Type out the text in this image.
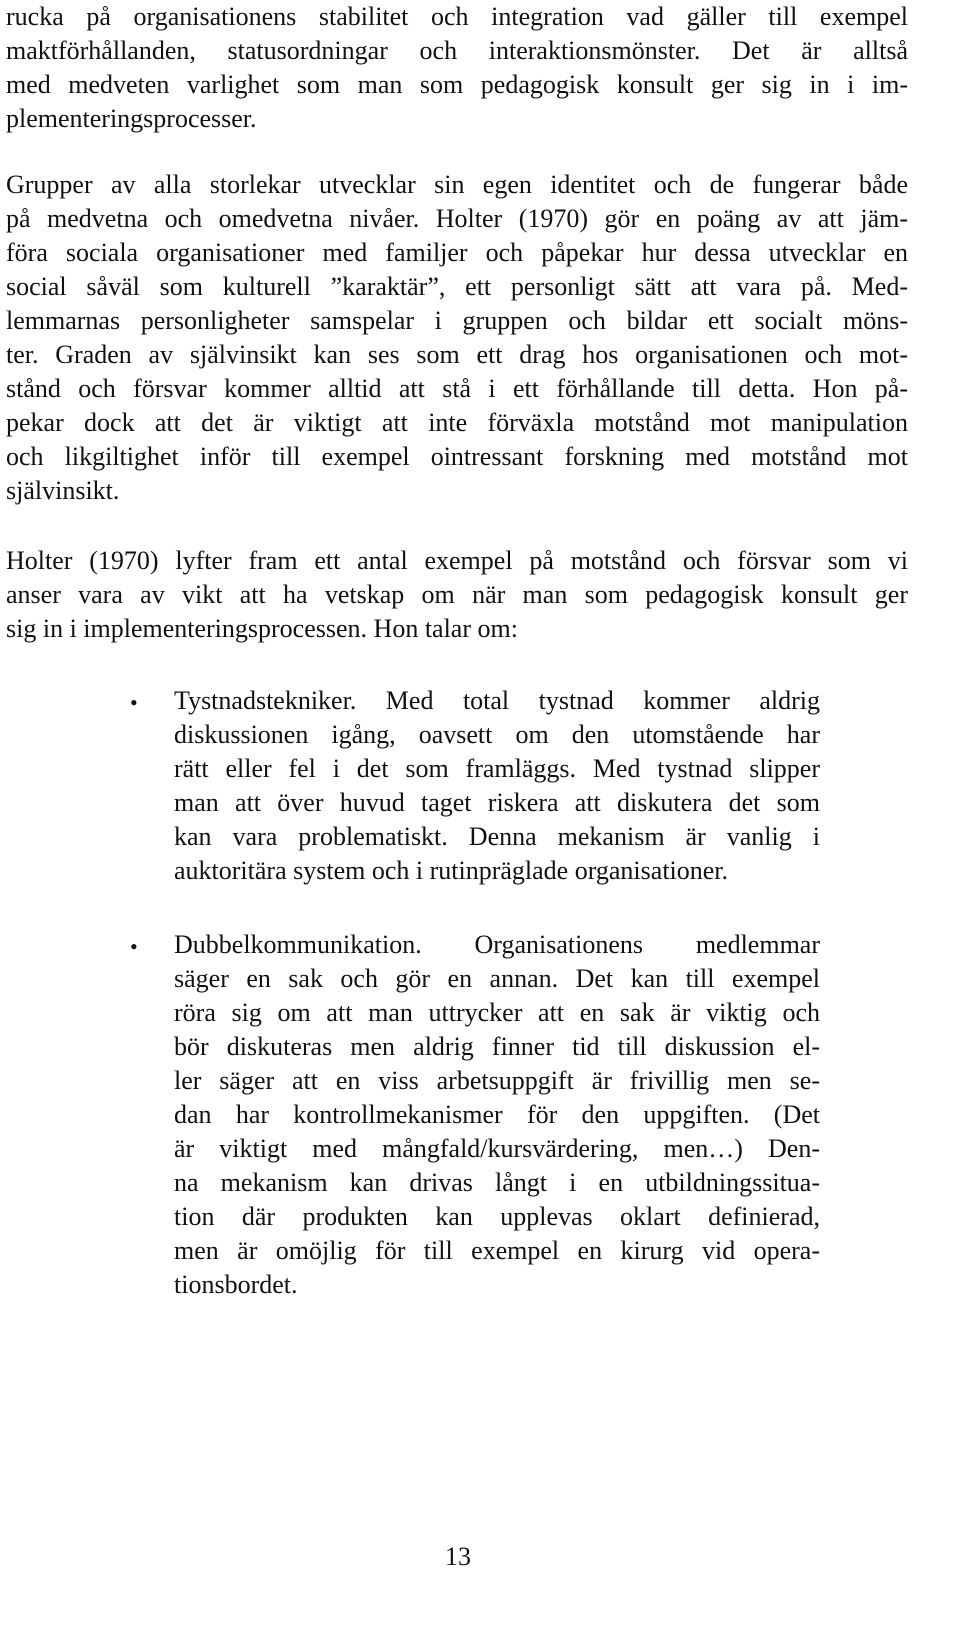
rucka på organisationens stabilitet och integration vad gäller till exempel
maktförhållanden, statusordningar och interaktionsmönster. Det är alltså
med medveten varlighet som man som pedagogisk konsult ger sig in i im-
plementeringsprocesser.
Grupper av alla storlekar utvecklar sin egen identitet och de fungerar både
på medvetna och omedvetna nivåer. Holter (1970) gör en poäng av att jäm-
föra sociala organisationer med familjer och påpekar hur dessa utvecklar en
social såväl som kulturell ”karaktär”, ett personligt sätt att vara på. Med-
lemmarnas personligheter samspelar i gruppen och bildar ett socialt möns-
ter. Graden av självinsikt kan ses som ett drag hos organisationen och mot-
stånd och försvar kommer alltid att stå i ett förhållande till detta. Hon på-
pekar dock att det är viktigt att inte förväxla motstånd mot manipulation
och likgiltighet inför till exempel ointressant forskning med motstånd mot
självinsikt.
Holter (1970) lyfter fram ett antal exempel på motstånd och försvar som vi
anser vara av vikt att ha vetskap om när man som pedagogisk konsult ger
sig in i implementeringsprocessen. Hon talar om:
•	Tystnadstekniker. Med total tystnad kommer aldrig
diskussionen igång, oavsett om den utomstående har
rätt eller fel i det som framläggs. Med tystnad slipper
man att över huvud taget riskera att diskutera det som
kan vara problematiskt. Denna mekanism är vanlig i
auktoritära system och i rutinpräglade organisationer.
•	Dubbelkommunikation. Organisationens medlemmar
säger en sak och gör en annan. Det kan till exempel
röra sig om att man uttrycker att en sak är viktig och
bör diskuteras men aldrig finner tid till diskussion el-
ler säger att en viss arbetsuppgift är frivillig men se-
dan har kontrollmekanismer för den uppgiften. (Det
är viktigt med mångfald/kursvärdering, men…) Den-
na mekanism kan drivas långt i en utbildningssitua-
tion där produkten kan upplevas oklart definierad,
men är omöjlig för till exempel en kirurg vid opera-
tionsbordet.
13
